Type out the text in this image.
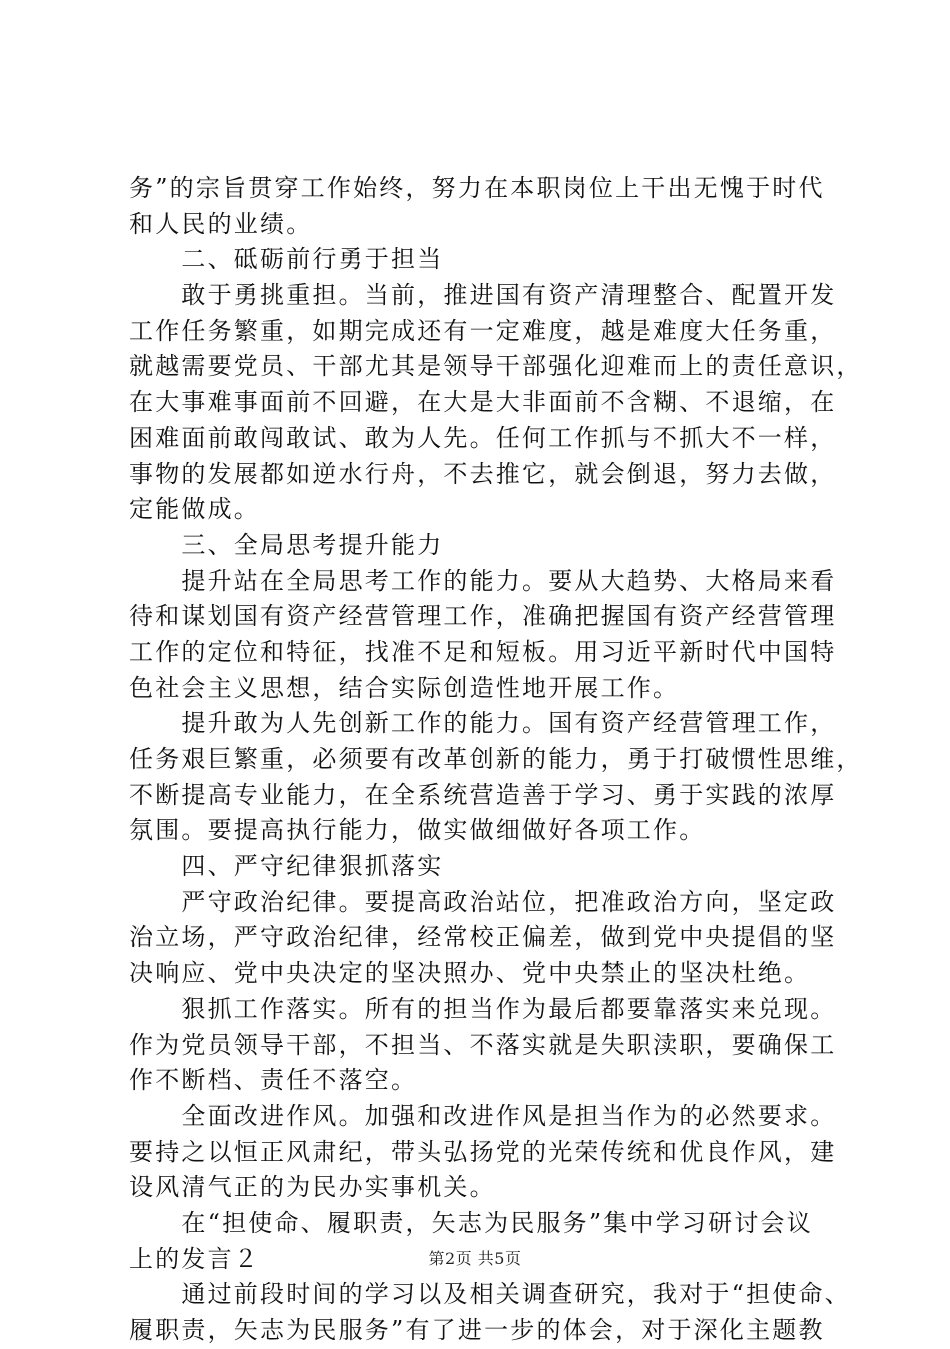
务”的宗旨贯穿工作始终，努力在本职岗位上干出无愧于时代
和人民的业绩。
　　二、砥砺前行勇于担当
　　敢于勇挑重担。当前，推进国有资产清理整合、配置开发
工作任务繁重，如期完成还有一定难度，越是难度大任务重，
就越需要党员、干部尤其是领导干部强化迎难而上的责任意识，
在大事难事面前不回避，在大是大非面前不含糊、不退缩，在
困难面前敢闯敢试、敢为人先。任何工作抓与不抓大不一样，
事物的发展都如逆水行舟，不去推它，就会倒退，努力去做，
定能做成。
　　三、全局思考提升能力
　　提升站在全局思考工作的能力。要从大趋势、大格局来看
待和谋划国有资产经营管理工作，准确把握国有资产经营管理
工作的定位和特征，找准不足和短板。用习近平新时代中国特
色社会主义思想，结合实际创造性地开展工作。
　　提升敢为人先创新工作的能力。国有资产经营管理工作，
任务艰巨繁重，必须要有改革创新的能力，勇于打破惯性思维，
不断提高专业能力，在全系统营造善于学习、勇于实践的浓厚
氛围。要提高执行能力，做实做细做好各项工作。
　　四、严守纪律狠抓落实
　　严守政治纪律。要提高政治站位，把准政治方向，坚定政
治立场，严守政治纪律，经常校正偏差，做到党中央提倡的坚
决响应、党中央决定的坚决照办、党中央禁止的坚决杜绝。
　　狠抓工作落实。所有的担当作为最后都要靠落实来兑现。
作为党员领导干部，不担当、不落实就是失职渎职，要确保工
作不断档、责任不落空。
　　全面改进作风。加强和改进作风是担当作为的必然要求。
要持之以恒正风肃纪，带头弘扬党的光荣传统和优良作风，建
设风清气正的为民办实事机关。
　　在“担使命、履职责，矢志为民服务”集中学习研讨会议
上的发言２
　　通过前段时间的学习以及相关调查研究，我对于“担使命、
履职责，矢志为民服务”有了进一步的体会，对于深化主题教
第2页 共5页
